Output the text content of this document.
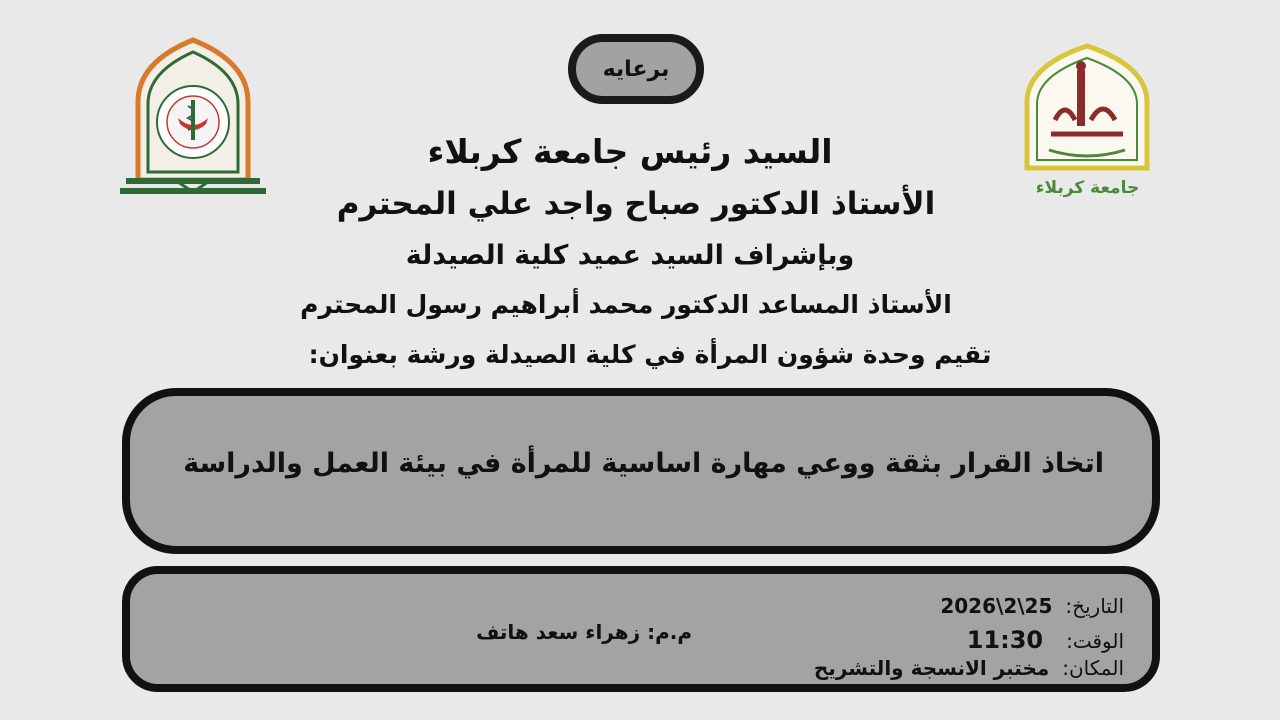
جامعة كربلاء
برعايه
السيد رئيس جامعة كربلاء
الأستاذ الدكتور صباح واجد علي المحترم
وبإشراف السيد عميد كلية الصيدلة
الأستاذ المساعد الدكتور محمد أبراهيم رسول المحترم
تقيم وحدة شؤون المرأة في كلية الصيدلة ورشة بعنوان:
اتخاذ القرار بثقة ووعي مهارة اساسية للمرأة في بيئة العمل والدراسة
التاريخ: 2026\2\25
الوقت: 11:30
المكان: مختبر الانسجة والتشريح
م.م: زهراء سعد هاتف
